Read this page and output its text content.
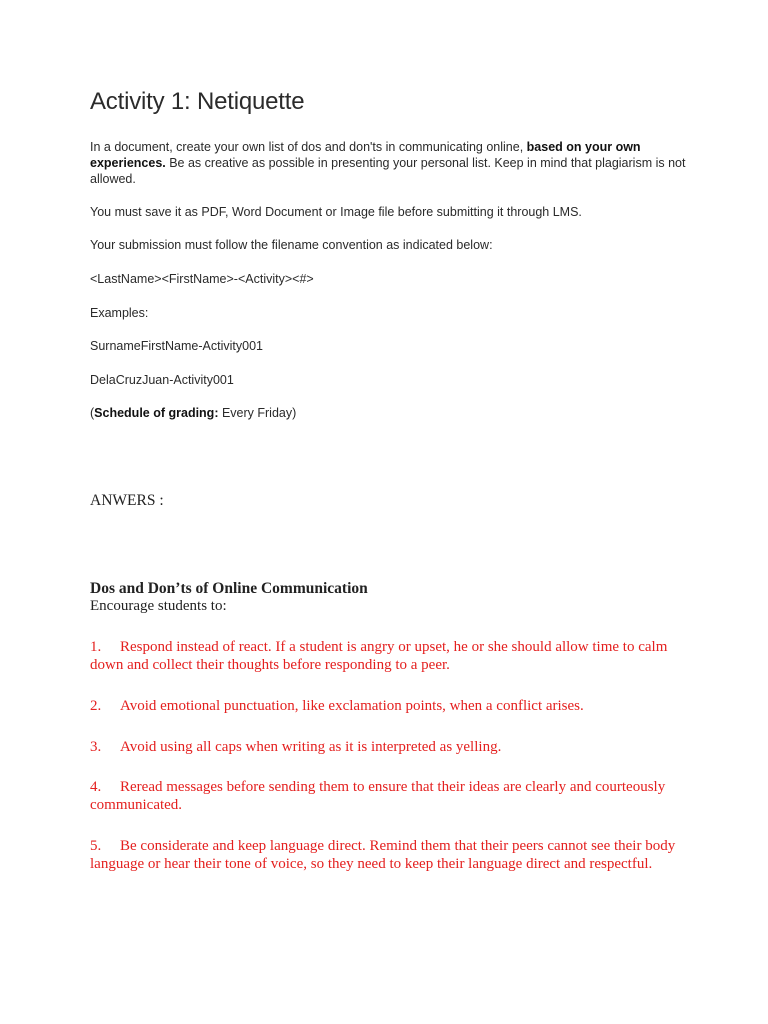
Activity 1: Netiquette

In a document, create your own list of dos and don'ts in communicating online, based on your own experiences. Be as creative as possible in presenting your personal list. Keep in mind that plagiarism is not allowed.

You must save it as PDF, Word Document or Image file before submitting it through LMS.

Your submission must follow the filename convention as indicated below:

<LastName><FirstName>-<Activity><#>

Examples:

SurnameFirstName-Activity001

DelaCruzJuan-Activity001

(Schedule of grading: Every Friday)

ANWERS :

Dos and Don’ts of Online Communication

Encourage students to:

1. Respond instead of react. If a student is angry or upset, he or she should allow time to calm down and collect their thoughts before responding to a peer.

2. Avoid emotional punctuation, like exclamation points, when a conflict arises.

3. Avoid using all caps when writing as it is interpreted as yelling.

4. Reread messages before sending them to ensure that their ideas are clearly and courteously communicated.

5. Be considerate and keep language direct. Remind them that their peers cannot see their body language or hear their tone of voice, so they need to keep their language direct and respectful.
